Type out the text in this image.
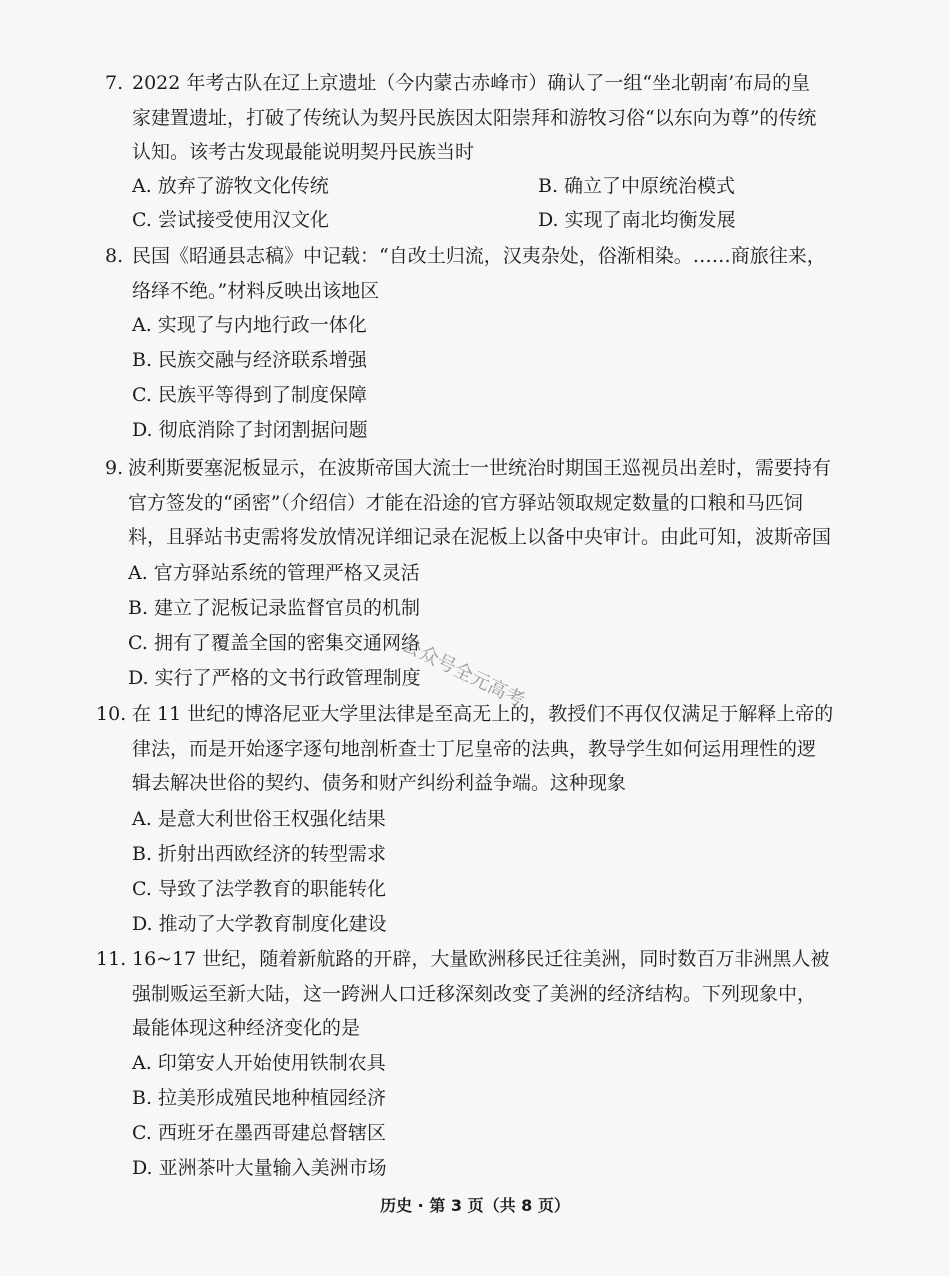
7. 2022 年考古队在辽上京遗址（今内蒙古赤峰市）确认了一组“坐北朝南’布局的皇
家建置遗址，打破了传统认为契丹民族因太阳崇拜和游牧习俗“以东向为尊”的传统
认知。该考古发现最能说明契丹民族当时
A. 放弃了游牧文化传统	B. 确立了中原统治模式
C. 尝试接受使用汉文化	D. 实现了南北均衡发展
8. 民国《昭通县志稿》中记载：“自改土归流，汉夷杂处，俗渐相染。……商旅往来，
络绎不绝。”材料反映出该地区
A. 实现了与内地行政一体化
B. 民族交融与经济联系增强
C. 民族平等得到了制度保障
D. 彻底消除了封闭割据问题
9. 波利斯要塞泥板显示，在波斯帝国大流士一世统治时期国王巡视员出差时，需要持有
官方签发的“函密”（介绍信）才能在沿途的官方驿站领取规定数量的口粮和马匹饲
料，且驿站书吏需将发放情况详细记录在泥板上以备中央审计。由此可知，波斯帝国
A. 官方驿站系统的管理严格又灵活
B. 建立了泥板记录监督官员的机制
C. 拥有了覆盖全国的密集交通网络
D. 实行了严格的文书行政管理制度
10. 在 11 世纪的博洛尼亚大学里法律是至高无上的，教授们不再仅仅满足于解释上帝的
律法，而是开始逐字逐句地剖析查士丁尼皇帝的法典，教导学生如何运用理性的逻
辑去解决世俗的契约、债务和财产纠纷利益争端。这种现象
A. 是意大利世俗王权强化结果
B. 折射出西欧经济的转型需求
C. 导致了法学教育的职能转化
D. 推动了大学教育制度化建设
11. 16~17 世纪，随着新航路的开辟，大量欧洲移民迁往美洲，同时数百万非洲黑人被
强制贩运至新大陆，这一跨洲人口迁移深刻改变了美洲的经济结构。下列现象中，
最能体现这种经济变化的是
A. 印第安人开始使用铁制农具
B. 拉美形成殖民地种植园经济
C. 西班牙在墨西哥建总督辖区
D. 亚洲茶叶大量输入美洲市场
公众号全元高考
历史 · 第 3 页（共 8 页）
